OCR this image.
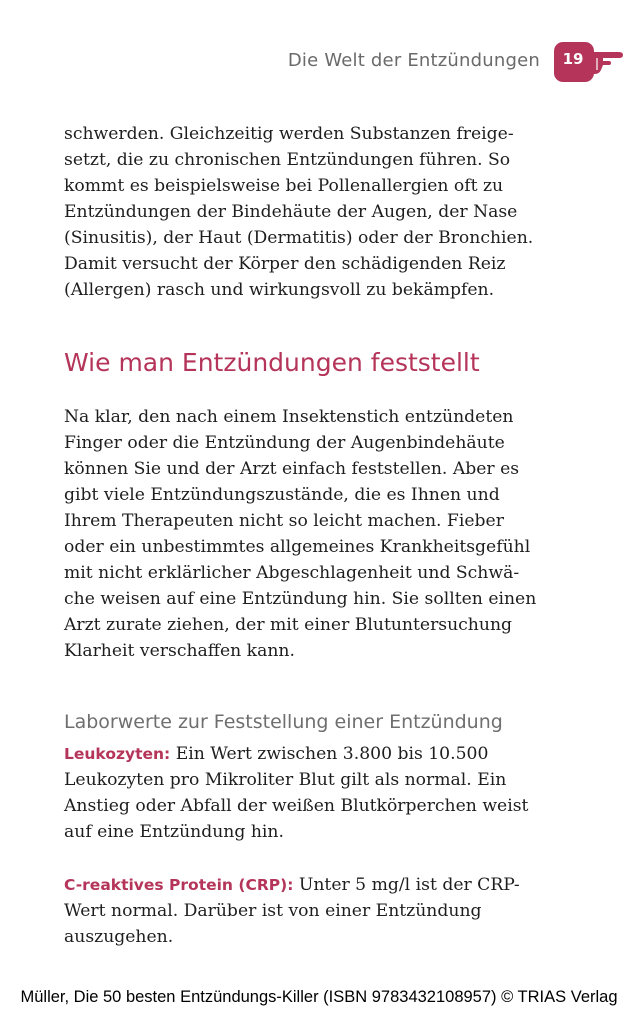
Die Welt der Entzündungen	19

schwerden. Gleichzeitig werden Substanzen freige-
setzt, die zu chronischen Entzündungen führen. So
kommt es beispielsweise bei Pollenallergien oft zu
Entzündungen der Bindehäute der Augen, der Nase
(Sinusitis), der Haut (Dermatitis) oder der Bronchien.
Damit versucht der Körper den schädigenden Reiz
(Allergen) rasch und wirkungsvoll zu bekämpfen.

Wie man Entzündungen feststellt

Na klar, den nach einem Insektenstich entzündeten
Finger oder die Entzündung der Augenbindehäute
können Sie und der Arzt einfach feststellen. Aber es
gibt viele Entzündungszustände, die es Ihnen und
Ihrem Therapeuten nicht so leicht machen. Fieber
oder ein unbestimmtes allgemeines Krankheitsgefühl
mit nicht erklärlicher Abgeschlagenheit und Schwä-
che weisen auf eine Entzündung hin. Sie sollten einen
Arzt zurate ziehen, der mit einer Blutuntersuchung
Klarheit verschaffen kann.

Laborwerte zur Feststellung einer Entzündung

Leukozyten: Ein Wert zwischen 3.800 bis 10.500
Leukozyten pro Mikroliter Blut gilt als normal. Ein
Anstieg oder Abfall der weißen Blutkörperchen weist
auf eine Entzündung hin.

C-reaktives Protein (CRP): Unter 5 mg/l ist der CRP-
Wert normal. Darüber ist von einer Entzündung
auszugehen.

Müller, Die 50 besten Entzündungs-Killer (ISBN 9783432108957) © TRIAS Verlag
